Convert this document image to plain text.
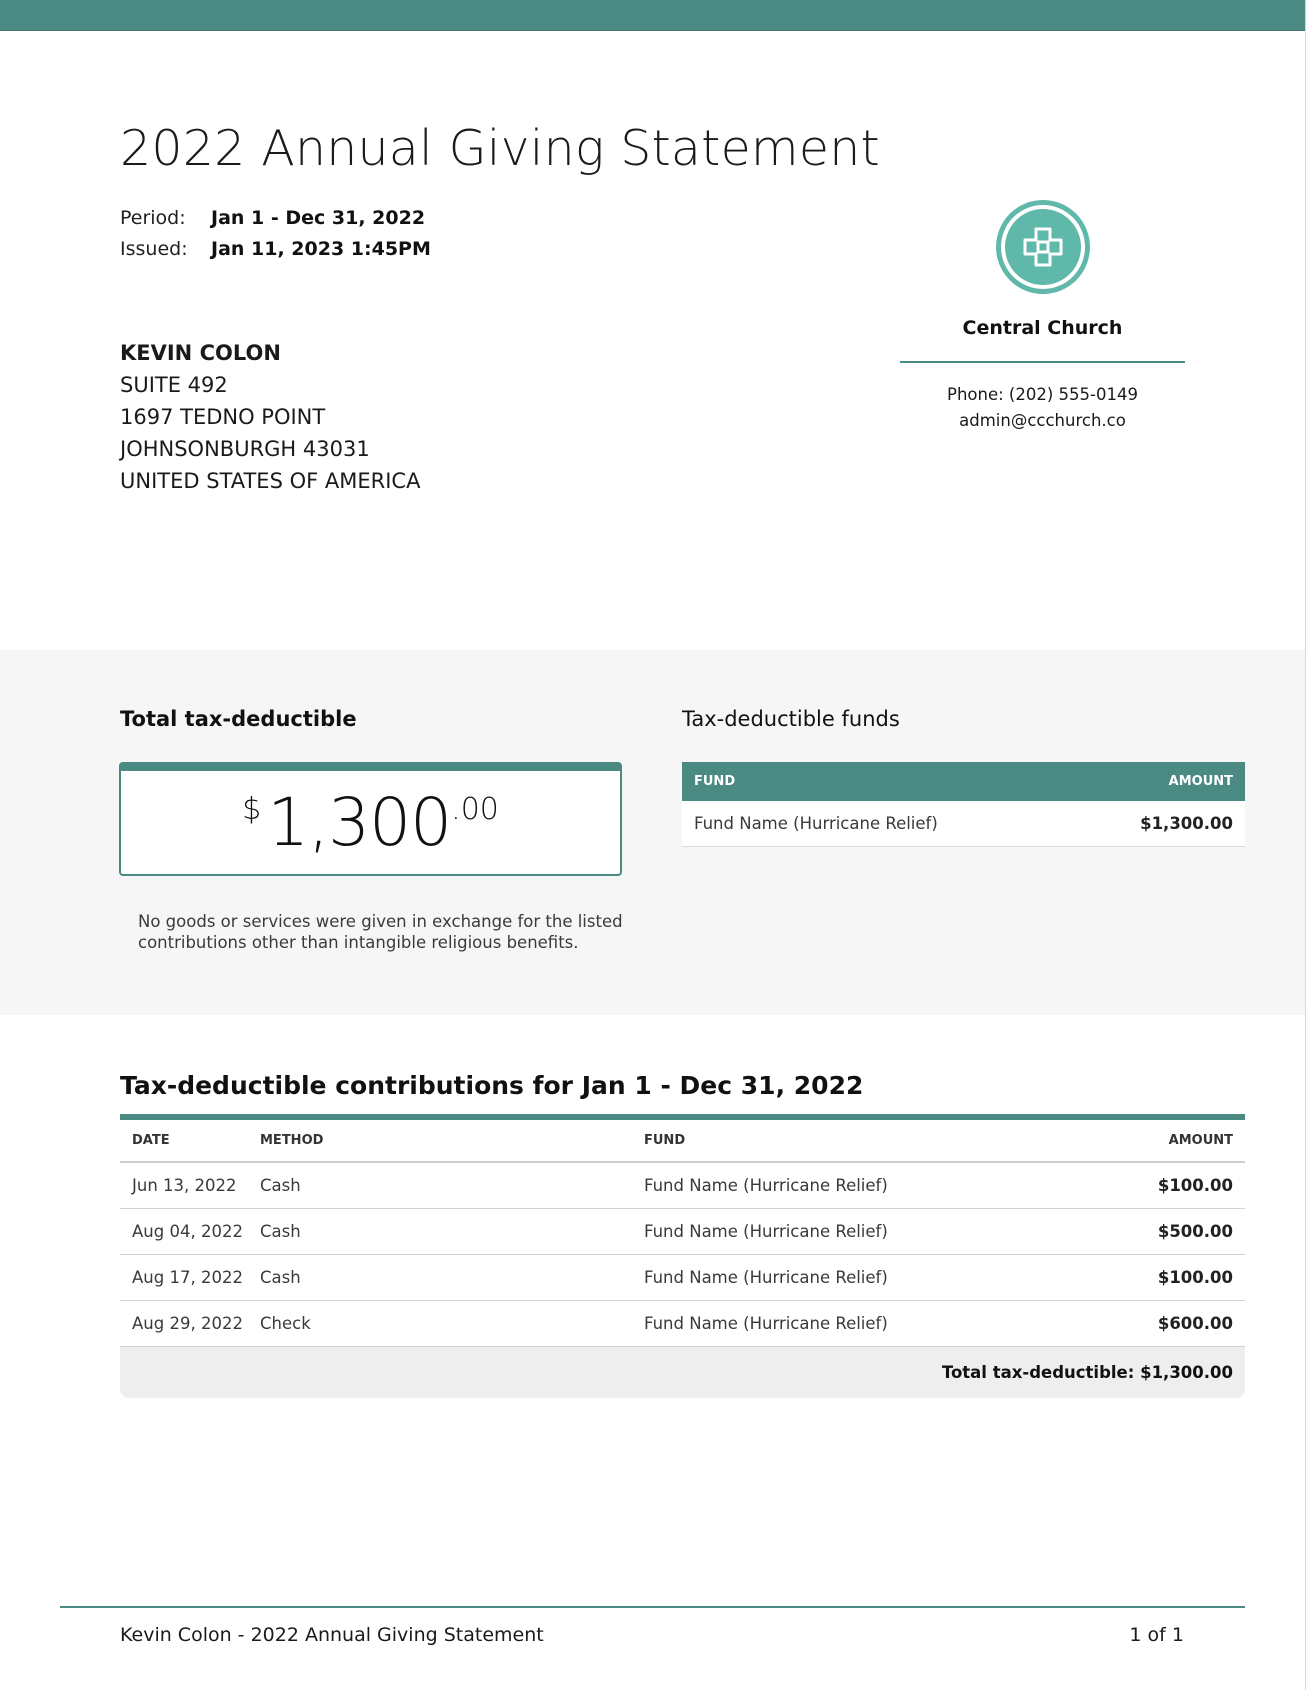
2022 Annual Giving Statement
Period:	Jan 1 - Dec 31, 2022
Issued:	Jan 11, 2023 1:45PM
KEVIN COLON
SUITE 492
1697 TEDNO POINT
JOHNSONBURGH 43031
UNITED STATES OF AMERICA
Central Church
Phone: (202) 555-0149
admin@ccchurch.co
Total tax-deductible
$ 1,300 .00

No goods or services were given in exchange for the listed contributions other than intangible religious benefits.

Tax-deductible funds
FUND	AMOUNT
Fund Name (Hurricane Relief)	$1,300.00
Tax-deductible contributions for Jan 1 - Dec 31, 2022
DATE	METHOD	FUND	AMOUNT
Jun 13, 2022	Cash	Fund Name (Hurricane Relief)	$100.00
Aug 04, 2022	Cash	Fund Name (Hurricane Relief)	$500.00
Aug 17, 2022	Cash	Fund Name (Hurricane Relief)	$100.00
Aug 29, 2022	Check	Fund Name (Hurricane Relief)	$600.00
Total tax-deductible: $1,300.00
Kevin Colon - 2022 Annual Giving Statement	1 of 1
